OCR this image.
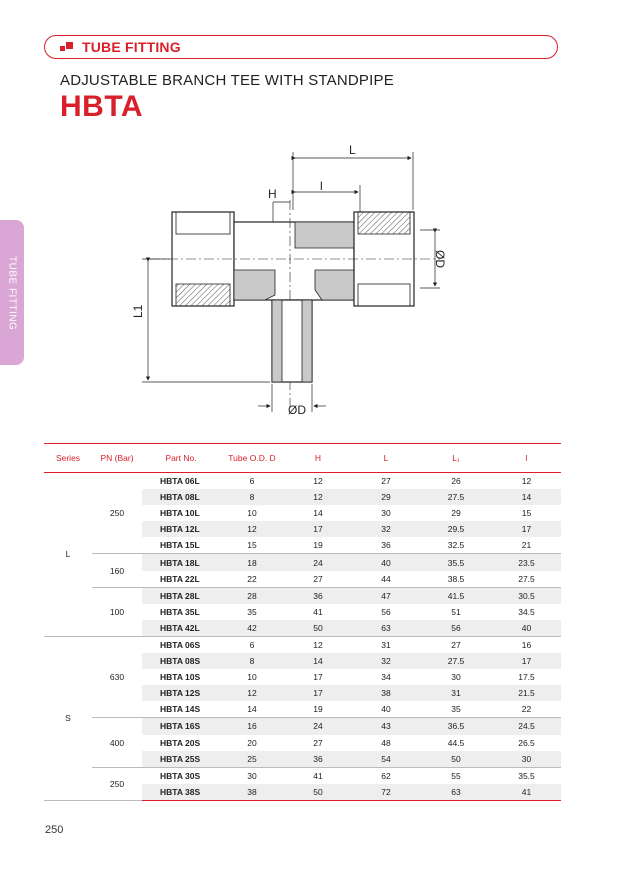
TUBE FITTING
ADJUSTABLE BRANCH TEE WITH STANDPIPE
HBTA
TUBE FITTING
L
l
H
ØD
L1
ØD
Series	PN (Bar)	Part No.	Tube O.D. D	H	L	L₁	l
L	250	HBTA 06L	6	12	27	26	12
		HBTA 08L	8	12	29	27.5	14
		HBTA 10L	10	14	30	29	15
		HBTA 12L	12	17	32	29.5	17
		HBTA 15L	15	19	36	32.5	21
	160	HBTA 18L	18	24	40	35.5	23.5
		HBTA 22L	22	27	44	38.5	27.5
	100	HBTA 28L	28	36	47	41.5	30.5
		HBTA 35L	35	41	56	51	34.5
		HBTA 42L	42	50	63	56	40
S	630	HBTA 06S	6	12	31	27	16
		HBTA 08S	8	14	32	27.5	17
		HBTA 10S	10	17	34	30	17.5
		HBTA 12S	12	17	38	31	21.5
		HBTA 14S	14	19	40	35	22
	400	HBTA 16S	16	24	43	36.5	24.5
		HBTA 20S	20	27	48	44.5	26.5
		HBTA 25S	25	36	54	50	30
	250	HBTA 30S	30	41	62	55	35.5
		HBTA 38S	38	50	72	63	41
250
